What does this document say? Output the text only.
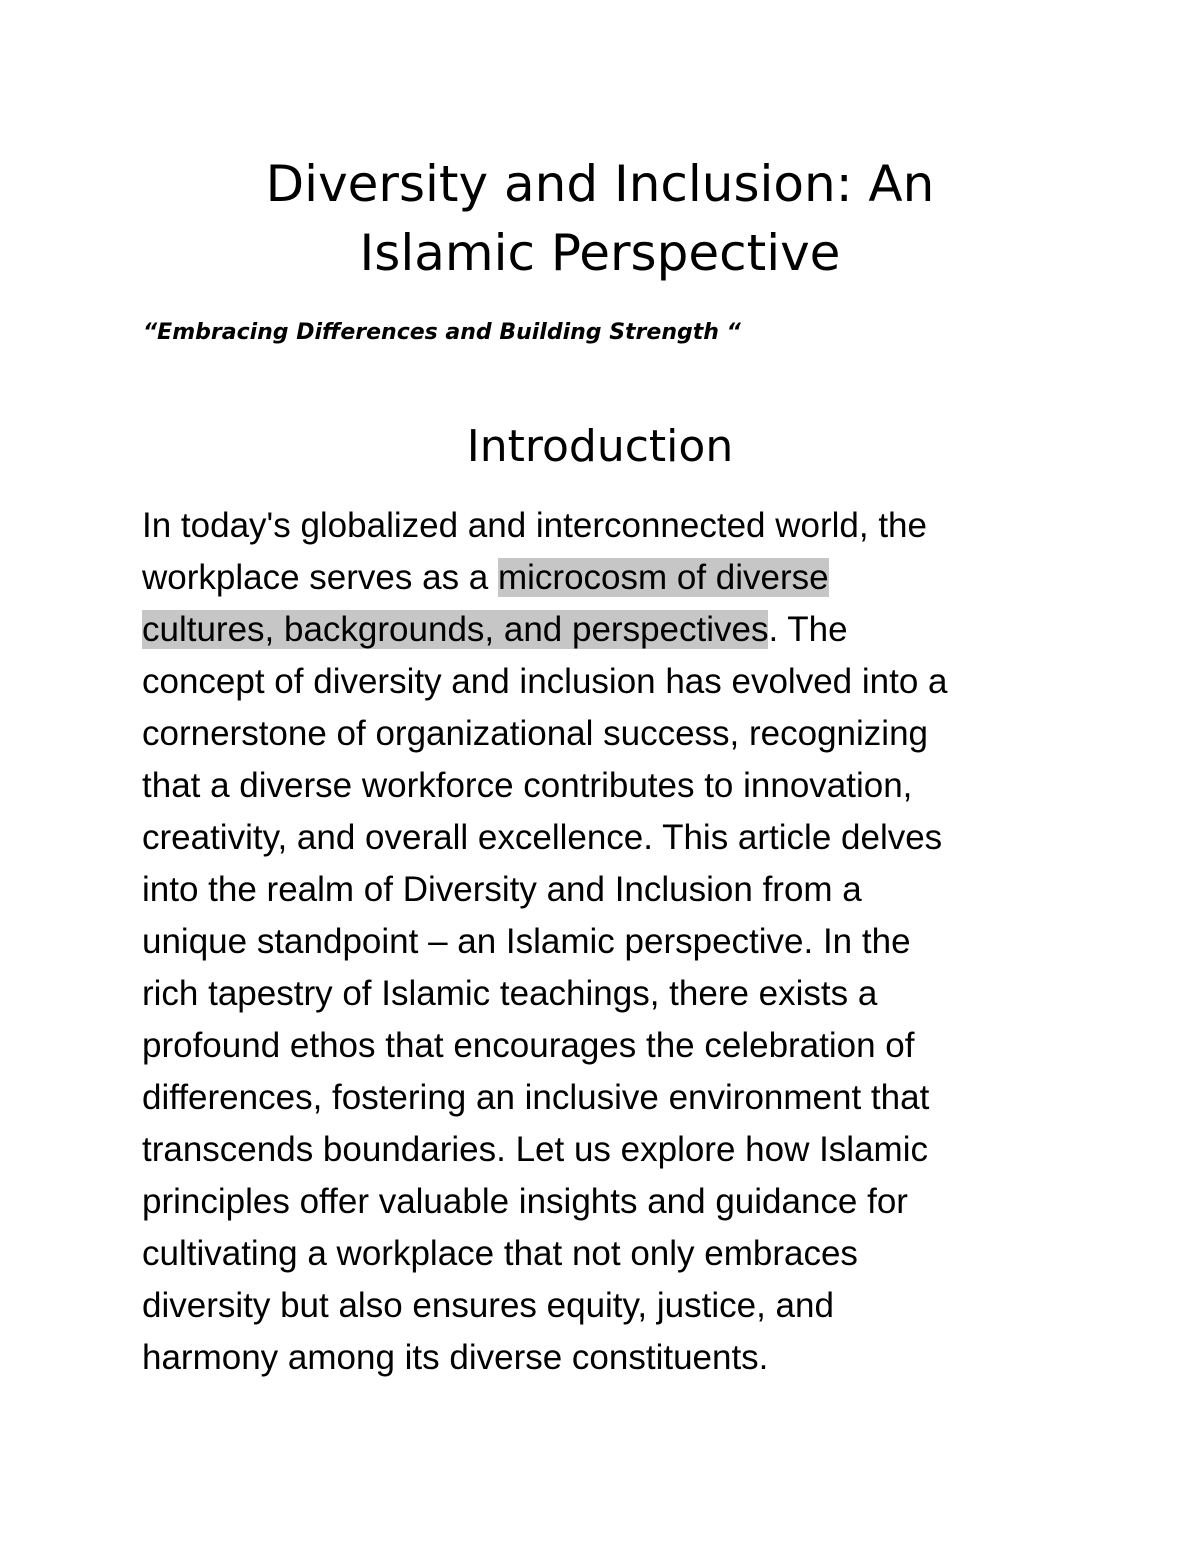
Diversity and Inclusion: An
Islamic Perspective

“Embracing Differences and Building Strength “

Introduction

In today's globalized and interconnected world, the
workplace serves as a microcosm of diverse
cultures, backgrounds, and perspectives. The
concept of diversity and inclusion has evolved into a
cornerstone of organizational success, recognizing
that a diverse workforce contributes to innovation,
creativity, and overall excellence. This article delves
into the realm of Diversity and Inclusion from a
unique standpoint – an Islamic perspective. In the
rich tapestry of Islamic teachings, there exists a
profound ethos that encourages the celebration of
differences, fostering an inclusive environment that
transcends boundaries. Let us explore how Islamic
principles offer valuable insights and guidance for
cultivating a workplace that not only embraces
diversity but also ensures equity, justice, and
harmony among its diverse constituents.
